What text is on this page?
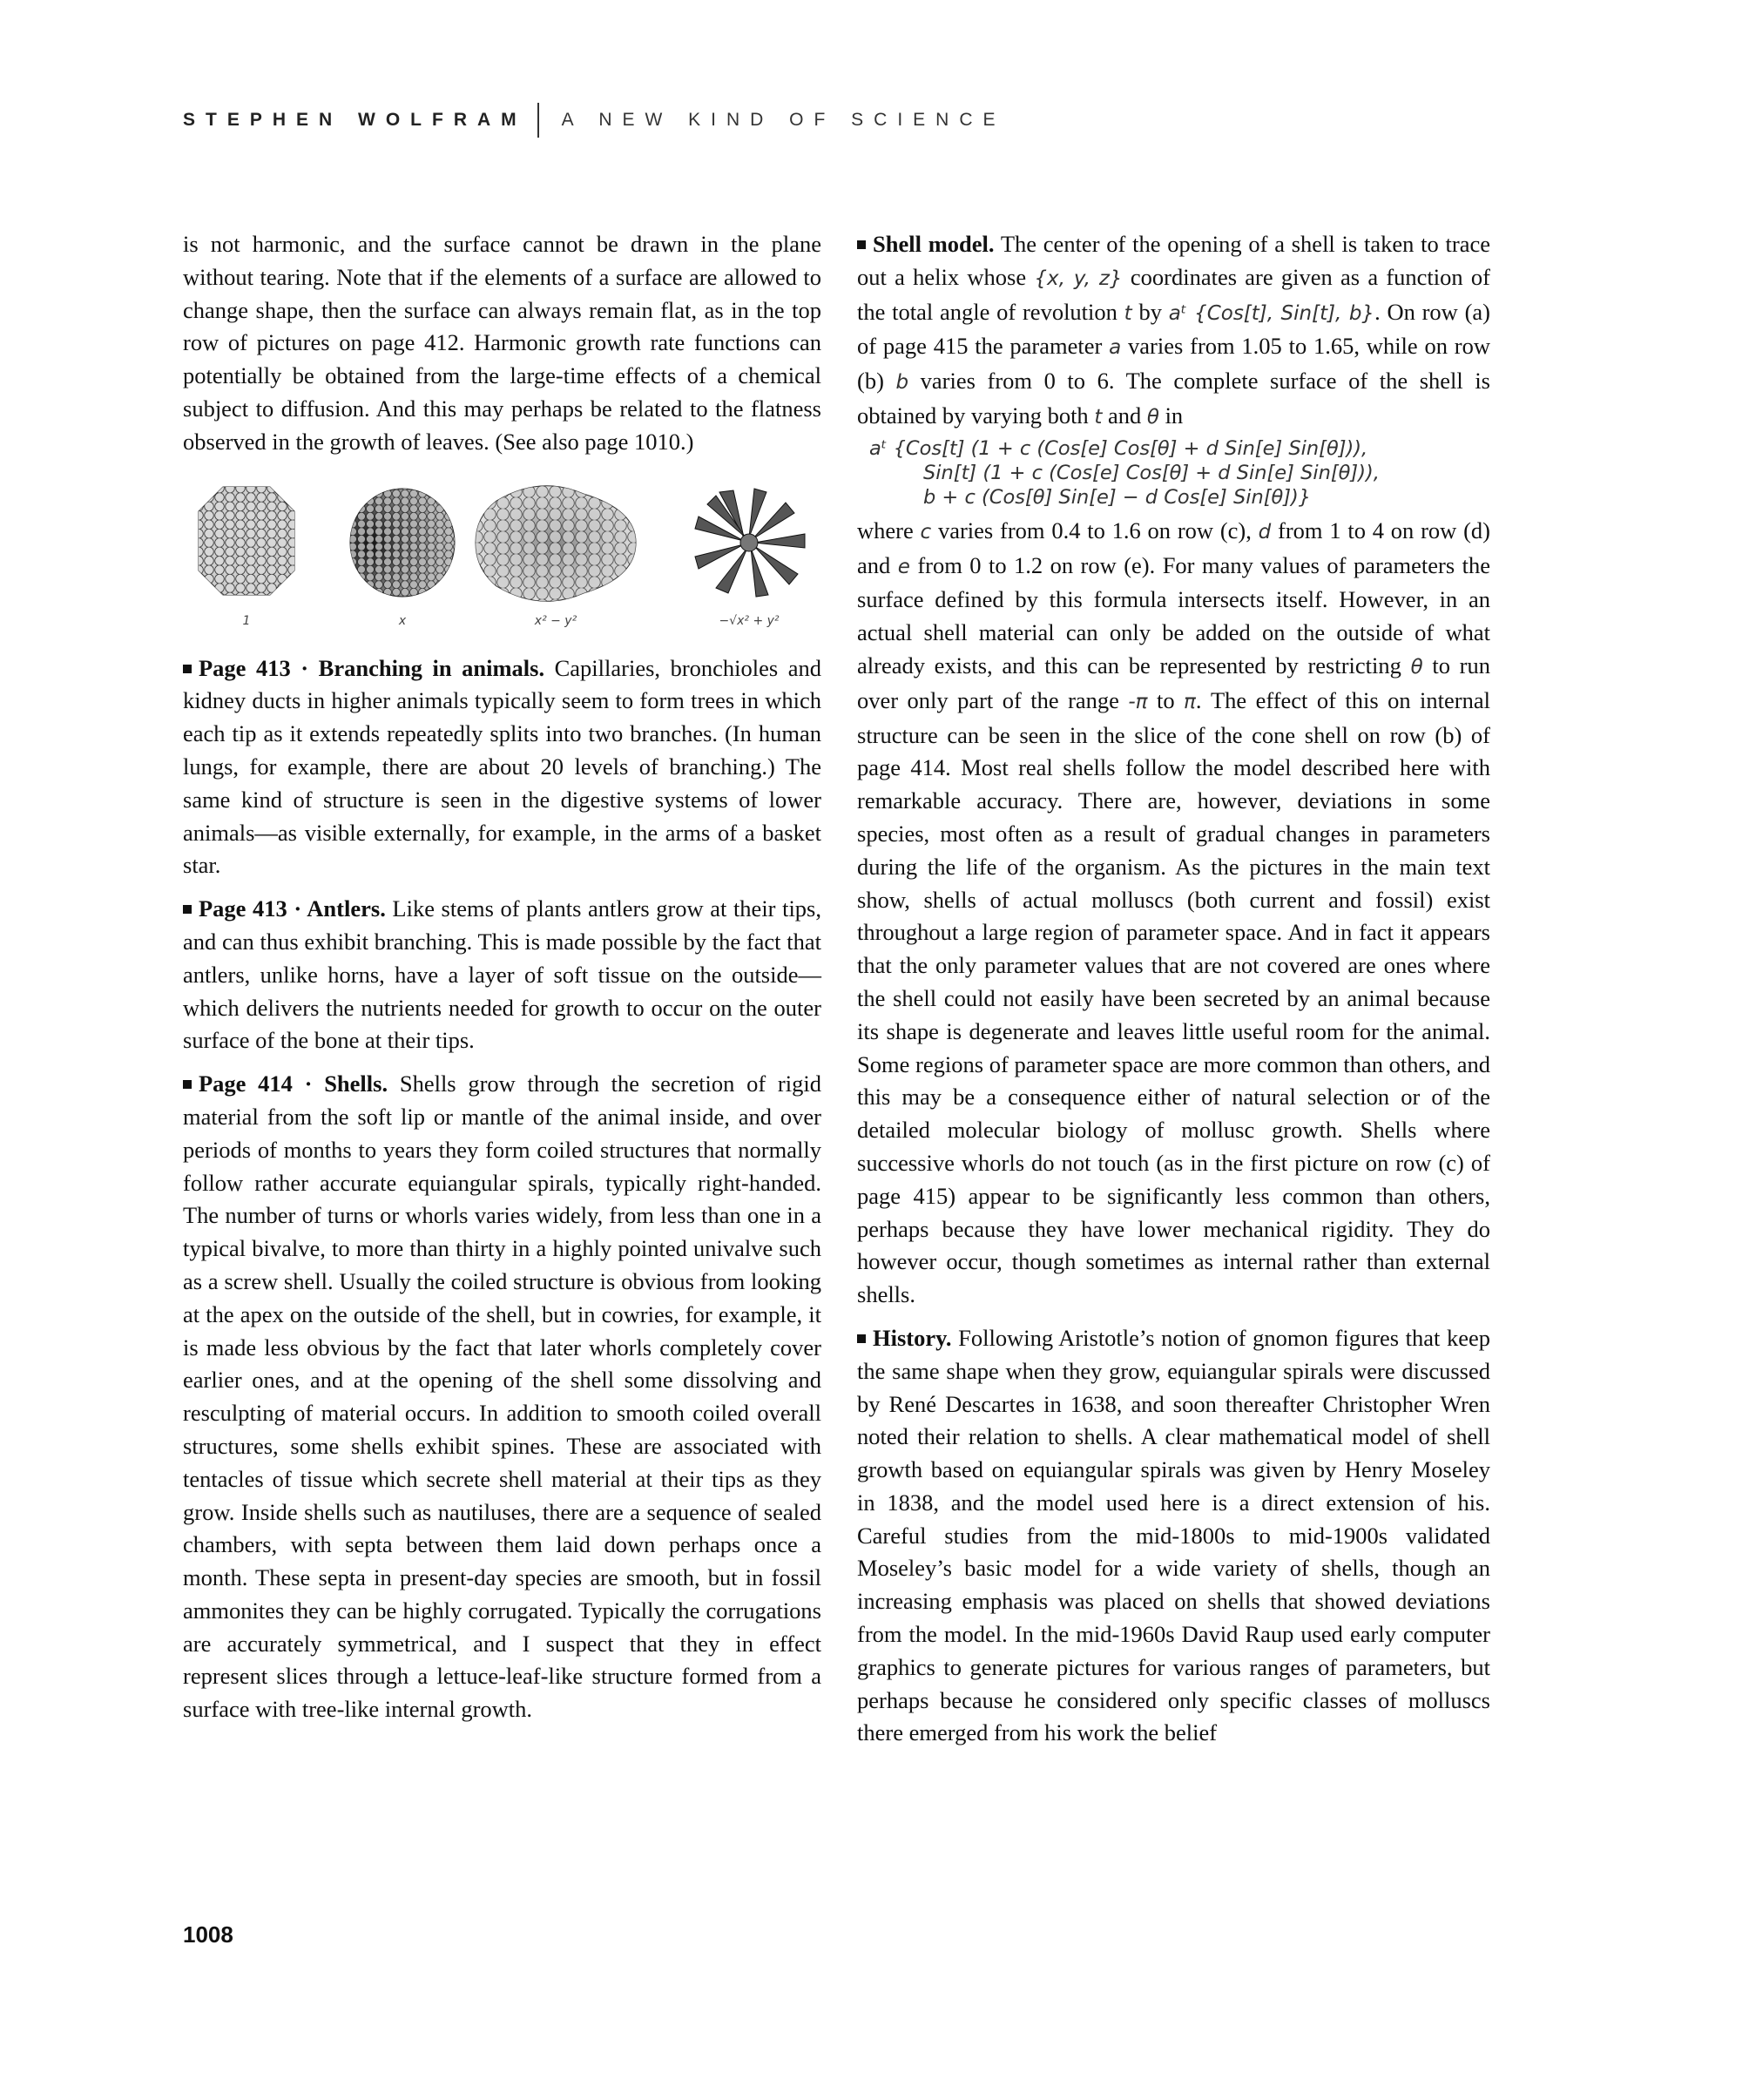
STEPHEN WOLFRAM A NEW KIND OF SCIENCE

is not harmonic, and the surface cannot be drawn in the plane without tearing. Note that if the elements of a surface are allowed to change shape, then the surface can always remain flat, as in the top row of pictures on page 412. Harmonic growth rate functions can potentially be obtained from the large-time effects of a chemical subject to diffusion. And this may perhaps be related to the flatness observed in the growth of leaves. (See also page 1010.)

1	x	x² − y²	−√x² + y²

Page 413 · Branching in animals. Capillaries, bronchioles and kidney ducts in higher animals typically seem to form trees in which each tip as it extends repeatedly splits into two branches. (In human lungs, for example, there are about 20 levels of branching.) The same kind of structure is seen in the digestive systems of lower animals—as visible externally, for example, in the arms of a basket star.

Page 413 · Antlers. Like stems of plants antlers grow at their tips, and can thus exhibit branching. This is made possible by the fact that antlers, unlike horns, have a layer of soft tissue on the outside—which delivers the nutrients needed for growth to occur on the outer surface of the bone at their tips.

Page 414 · Shells. Shells grow through the secretion of rigid material from the soft lip or mantle of the animal inside, and over periods of months to years they form coiled structures that normally follow rather accurate equiangular spirals, typically right-handed. The number of turns or whorls varies widely, from less than one in a typical bivalve, to more than thirty in a highly pointed univalve such as a screw shell. Usually the coiled structure is obvious from looking at the apex on the outside of the shell, but in cowries, for example, it is made less obvious by the fact that later whorls completely cover earlier ones, and at the opening of the shell some dissolving and resculpting of material occurs. In addition to smooth coiled overall structures, some shells exhibit spines. These are associated with tentacles of tissue which secrete shell material at their tips as they grow. Inside shells such as nautiluses, there are a sequence of sealed chambers, with septa between them laid down perhaps once a month. These septa in present-day species are smooth, but in fossil ammonites they can be highly corrugated. Typically the corrugations are accurately symmetrical, and I suspect that they in effect represent slices through a lettuce-leaf-like structure formed from a surface with tree-like internal growth.

Shell model. The center of the opening of a shell is taken to trace out a helix whose {x, y, z} coordinates are given as a function of the total angle of revolution t by aᵗ {Cos[t], Sin[t], b}. On row (a) of page 415 the parameter a varies from 1.05 to 1.65, while on row (b) b varies from 0 to 6. The complete surface of the shell is obtained by varying both t and θ in

aᵗ {Cos[t] (1 + c (Cos[e] Cos[θ] + d Sin[e] Sin[θ])),
Sin[t] (1 + c (Cos[e] Cos[θ] + d Sin[e] Sin[θ])),
b + c (Cos[θ] Sin[e] − d Cos[e] Sin[θ])}

where c varies from 0.4 to 1.6 on row (c), d from 1 to 4 on row (d) and e from 0 to 1.2 on row (e). For many values of parameters the surface defined by this formula intersects itself. However, in an actual shell material can only be added on the outside of what already exists, and this can be represented by restricting θ to run over only part of the range -π to π. The effect of this on internal structure can be seen in the slice of the cone shell on row (b) of page 414. Most real shells follow the model described here with remarkable accuracy. There are, however, deviations in some species, most often as a result of gradual changes in parameters during the life of the organism. As the pictures in the main text show, shells of actual molluscs (both current and fossil) exist throughout a large region of parameter space. And in fact it appears that the only parameter values that are not covered are ones where the shell could not easily have been secreted by an animal because its shape is degenerate and leaves little useful room for the animal. Some regions of parameter space are more common than others, and this may be a consequence either of natural selection or of the detailed molecular biology of mollusc growth. Shells where successive whorls do not touch (as in the first picture on row (c) of page 415) appear to be significantly less common than others, perhaps because they have lower mechanical rigidity. They do however occur, though sometimes as internal rather than external shells.

History. Following Aristotle’s notion of gnomon figures that keep the same shape when they grow, equiangular spirals were discussed by René Descartes in 1638, and soon thereafter Christopher Wren noted their relation to shells. A clear mathematical model of shell growth based on equiangular spirals was given by Henry Moseley in 1838, and the model used here is a direct extension of his. Careful studies from the mid-1800s to mid-1900s validated Moseley’s basic model for a wide variety of shells, though an increasing emphasis was placed on shells that showed deviations from the model. In the mid-1960s David Raup used early computer graphics to generate pictures for various ranges of parameters, but perhaps because he considered only specific classes of molluscs there emerged from his work the belief

1008
